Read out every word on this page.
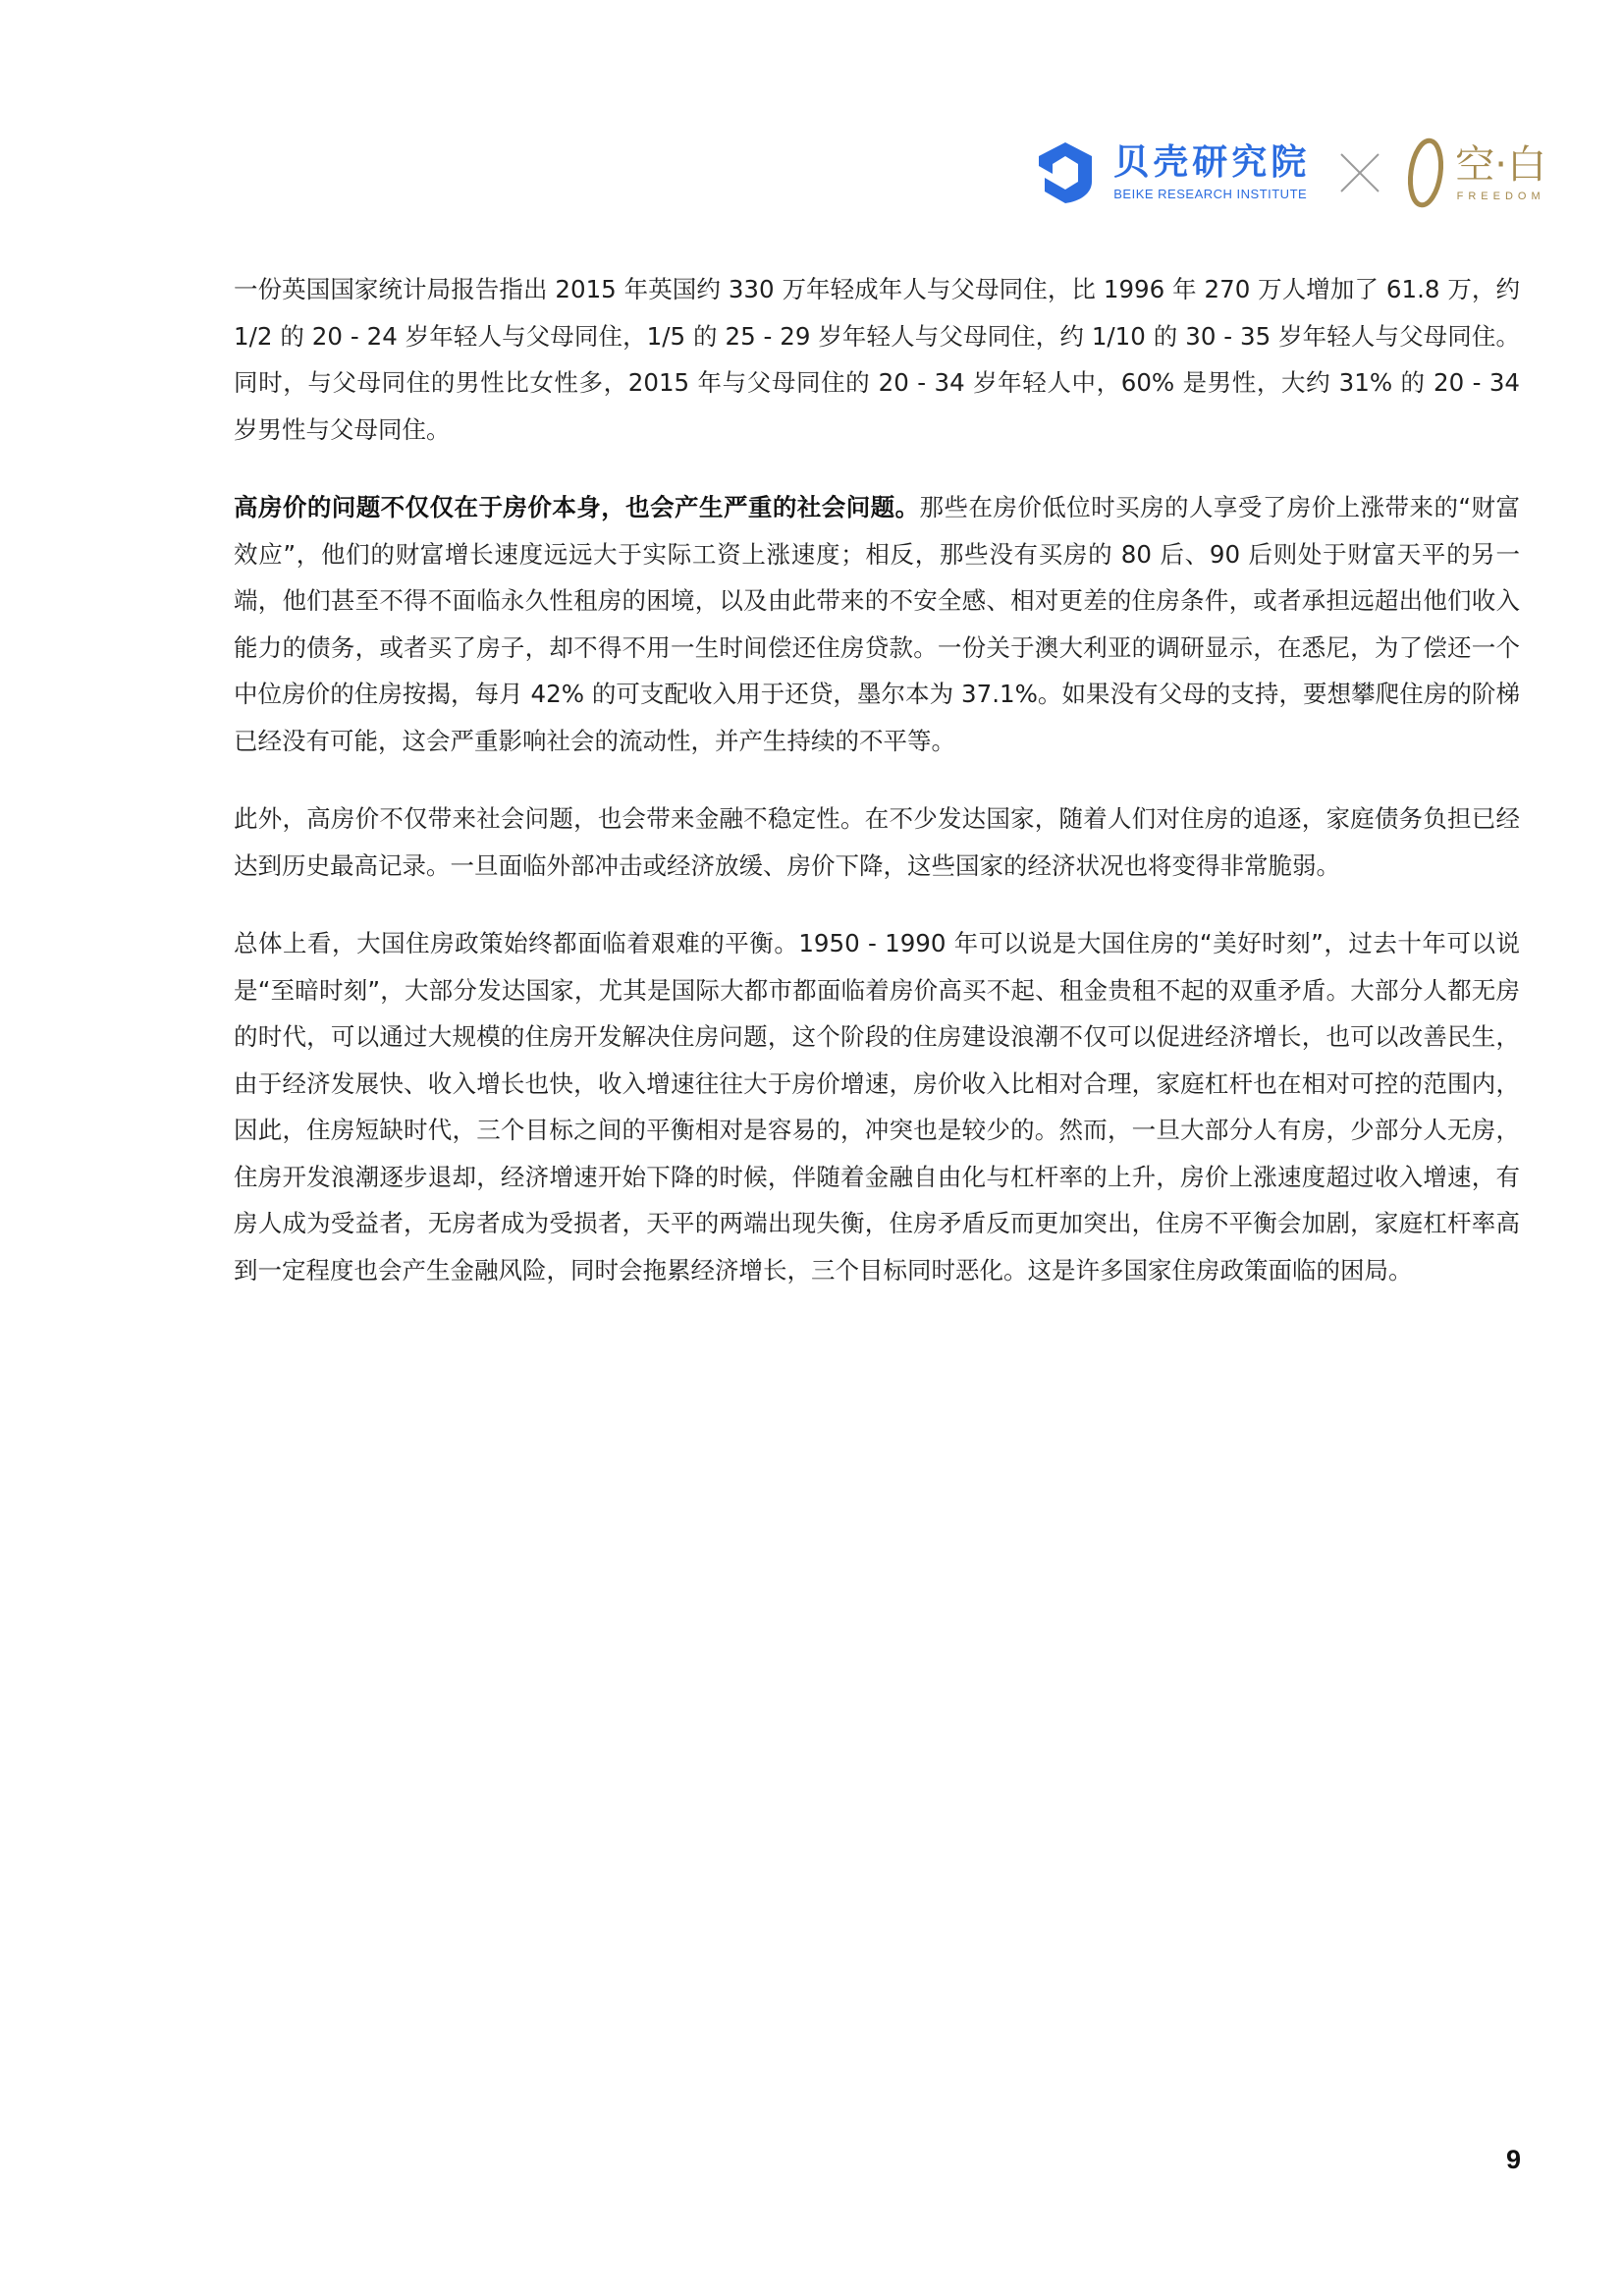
贝壳研究院
BEIKE RESEARCH INSTITUTE
空·白
FREEDOM

一份英国国家统计局报告指出 2015 年英国约 330 万年轻成年人与父母同住，比 1996 年 270 万人增加了 61.8 万，约 1/2 的 20 - 24 岁年轻人与父母同住，1/5 的 25 - 29 岁年轻人与父母同住，约 1/10 的 30 - 35 岁年轻人与父母同住。同时，与父母同住的男性比女性多，2015 年与父母同住的 20 - 34 岁年轻人中，60% 是男性，大约 31% 的 20 - 34 岁男性与父母同住。

高房价的问题不仅仅在于房价本身，也会产生严重的社会问题。那些在房价低位时买房的人享受了房价上涨带来的“财富效应”，他们的财富增长速度远远大于实际工资上涨速度；相反，那些没有买房的 80 后、90 后则处于财富天平的另一端，他们甚至不得不面临永久性租房的困境，以及由此带来的不安全感、相对更差的住房条件，或者承担远超出他们收入能力的债务，或者买了房子，却不得不用一生时间偿还住房贷款。一份关于澳大利亚的调研显示，在悉尼，为了偿还一个中位房价的住房按揭，每月 42% 的可支配收入用于还贷，墨尔本为 37.1%。如果没有父母的支持，要想攀爬住房的阶梯已经没有可能，这会严重影响社会的流动性，并产生持续的不平等。

此外，高房价不仅带来社会问题，也会带来金融不稳定性。在不少发达国家，随着人们对住房的追逐，家庭债务负担已经达到历史最高记录。一旦面临外部冲击或经济放缓、房价下降，这些国家的经济状况也将变得非常脆弱。

总体上看，大国住房政策始终都面临着艰难的平衡。1950 - 1990 年可以说是大国住房的“美好时刻”，过去十年可以说是“至暗时刻”，大部分发达国家，尤其是国际大都市都面临着房价高买不起、租金贵租不起的双重矛盾。大部分人都无房的时代，可以通过大规模的住房开发解决住房问题，这个阶段的住房建设浪潮不仅可以促进经济增长，也可以改善民生，由于经济发展快、收入增长也快，收入增速往往大于房价增速，房价收入比相对合理，家庭杠杆也在相对可控的范围内，因此，住房短缺时代，三个目标之间的平衡相对是容易的，冲突也是较少的。然而，一旦大部分人有房，少部分人无房，住房开发浪潮逐步退却，经济增速开始下降的时候，伴随着金融自由化与杠杆率的上升，房价上涨速度超过收入增速，有房人成为受益者，无房者成为受损者，天平的两端出现失衡，住房矛盾反而更加突出，住房不平衡会加剧，家庭杠杆率高到一定程度也会产生金融风险，同时会拖累经济增长，三个目标同时恶化。这是许多国家住房政策面临的困局。

9
